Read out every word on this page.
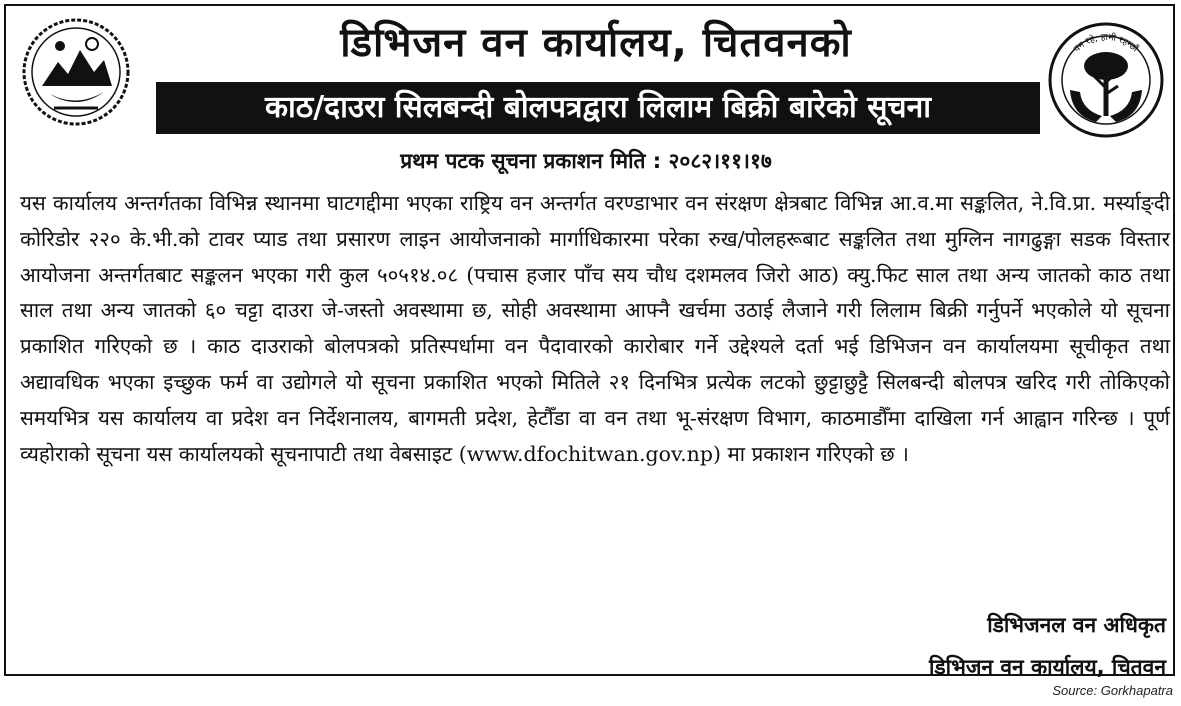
वन रहे, हामी रहन्छौं
डिभिजन वन कार्यालय, चितवनको
काठ/दाउरा सिलबन्दी बोलपत्रद्वारा लिलाम बिक्री बारेको सूचना
प्रथम पटक सूचना प्रकाशन मिति : २०८२।११।१७

यस कार्यालय अन्तर्गतका विभिन्न स्थानमा घाटगद्दीमा भएका राष्ट्रिय वन अन्तर्गत वरण्डाभार वन संरक्षण क्षेत्रबाट विभिन्न आ.व.मा सङ्कलित, ने.वि.प्रा. मर्स्याङ्दी कोरिडोर २२० के.भी.को टावर प्याड तथा प्रसारण लाइन आयोजनाको मार्गाधिकारमा परेका रुख/पोलहरूबाट सङ्कलित तथा मुग्लिन नागढुङ्गा सडक विस्तार आयोजना अन्तर्गतबाट सङ्कलन भएका गरी कुल ५०५१४.०८ (पचास हजार पाँच सय चौध दशमलव जिरो आठ) क्यु.फिट साल तथा अन्य जातको काठ तथा साल तथा अन्य जातको ६० चट्टा दाउरा जे-जस्तो अवस्थामा छ, सोही अवस्थामा आफ्नै खर्चमा उठाई लैजाने गरी लिलाम बिक्री गर्नुपर्ने भएकोले यो सूचना प्रकाशित गरिएको छ । काठ दाउराको बोलपत्रको प्रतिस्पर्धामा वन पैदावारको कारोबार गर्ने उद्देश्यले दर्ता भई डिभिजन वन कार्यालयमा सूचीकृत तथा अद्यावधिक भएका इच्छुक फर्म वा उद्योगले यो सूचना प्रकाशित भएको मितिले २१ दिनभित्र प्रत्येक लटको छुट्टाछुट्टै सिलबन्दी बोलपत्र खरिद गरी तोकिएको समयभित्र यस कार्यालय वा प्रदेश वन निर्देशनालय, बागमती प्रदेश, हेटौँडा वा वन तथा भू-संरक्षण विभाग, काठमाडौँमा दाखिला गर्न आह्वान गरिन्छ । पूर्ण व्यहोराको सूचना यस कार्यालयको सूचनापाटी तथा वेबसाइट (www.dfochitwan.gov.np) मा प्रकाशन गरिएको छ ।

डिभिजनल वन अधिकृत
डिभिजन वन कार्यालय, चितवन
Source: Gorkhapatra
